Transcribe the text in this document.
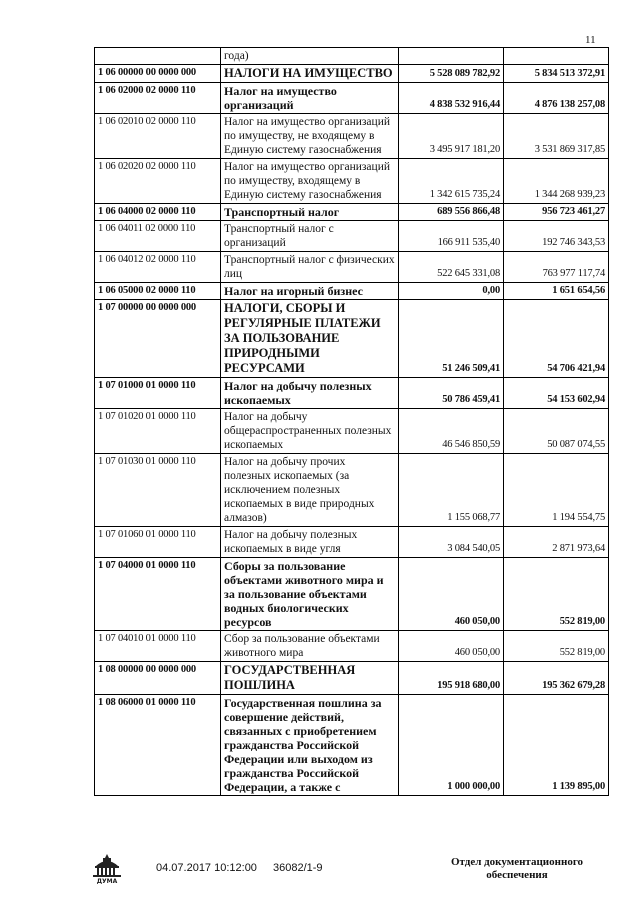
11
	года)		
1 06 00000 00 0000 000	НАЛОГИ НА ИМУЩЕСТВО	5 528 089 782,92	5 834 513 372,91
1 06 02000 02 0000 110	Налог на имущество организаций	4 838 532 916,44	4 876 138 257,08
1 06 02010 02 0000 110	Налог на имущество организаций по имуществу, не входящему в Единую систему газоснабжения	3 495 917 181,20	3 531 869 317,85
1 06 02020 02 0000 110	Налог на имущество организаций по имуществу, входящему в Единую систему газоснабжения	1 342 615 735,24	1 344 268 939,23
1 06 04000 02 0000 110	Транспортный налог	689 556 866,48	956 723 461,27
1 06 04011 02 0000 110	Транспортный налог с организаций	166 911 535,40	192 746 343,53
1 06 04012 02 0000 110	Транспортный налог с физических лиц	522 645 331,08	763 977 117,74
1 06 05000 02 0000 110	Налог на игорный бизнес	0,00	1 651 654,56
1 07 00000 00 0000 000	НАЛОГИ, СБОРЫ И РЕГУЛЯРНЫЕ ПЛАТЕЖИ ЗА ПОЛЬЗОВАНИЕ ПРИРОДНЫМИ РЕСУРСАМИ	51 246 509,41	54 706 421,94
1 07 01000 01 0000 110	Налог на добычу полезных ископаемых	50 786 459,41	54 153 602,94
1 07 01020 01 0000 110	Налог на добычу общераспространенных полезных ископаемых	46 546 850,59	50 087 074,55
1 07 01030 01 0000 110	Налог на добычу прочих полезных ископаемых (за исключением полезных ископаемых в виде природных алмазов)	1 155 068,77	1 194 554,75
1 07 01060 01 0000 110	Налог на добычу полезных ископаемых в виде угля	3 084 540,05	2 871 973,64
1 07 04000 01 0000 110	Сборы за пользование объектами животного мира и за пользование объектами водных биологических ресурсов	460 050,00	552 819,00
1 07 04010 01 0000 110	Сбор за пользование объектами животного мира	460 050,00	552 819,00
1 08 00000 00 0000 000	ГОСУДАРСТВЕННАЯ ПОШЛИНА	195 918 680,00	195 362 679,28
1 08 06000 01 0000 110	Государственная пошлина за совершение действий, связанных с приобретением гражданства Российской Федерации или выходом из гражданства Российской Федерации, а также с	1 000 000,00	1 139 895,00
ДУМА
04.07.2017 10:12:00 36082/1-9	Отдел документационного обеспечения
